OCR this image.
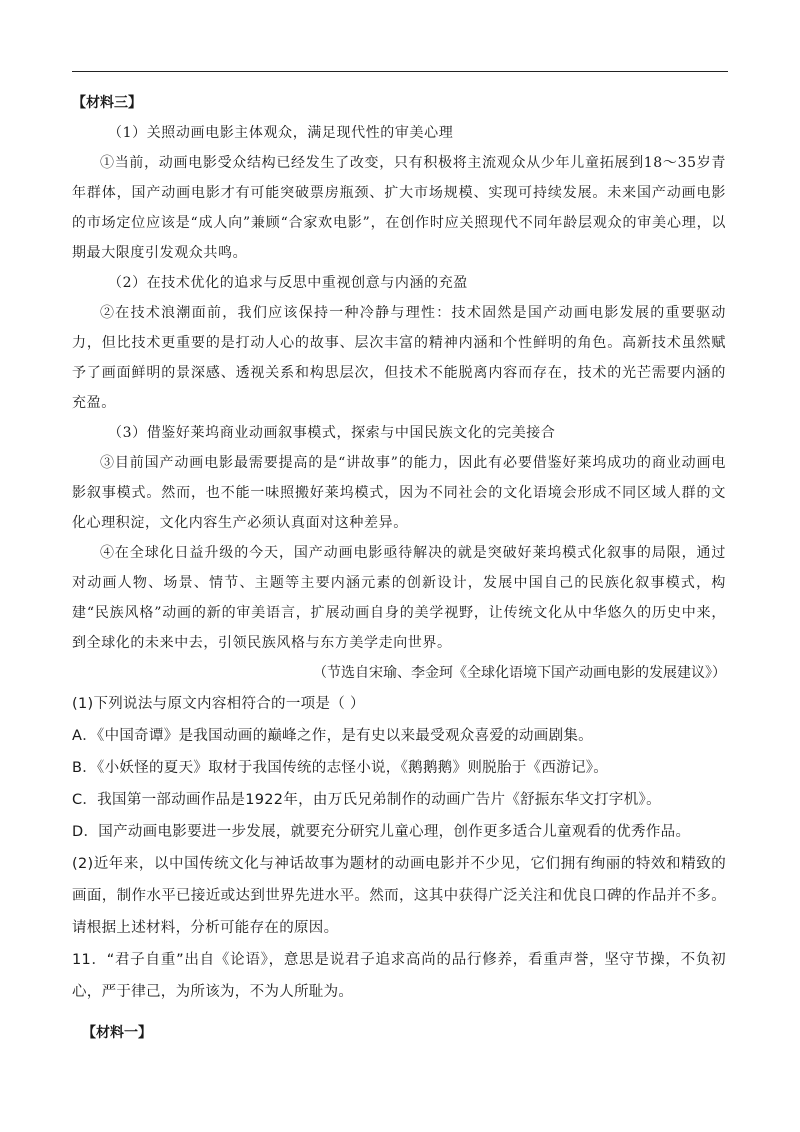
【材料三】

（1）关照动画电影主体观众，满足现代性的审美心理

①当前，动画电影受众结构已经发生了改变，只有积极将主流观众从少年儿童拓展到18～35岁青年群体，国产动画电影才有可能突破票房瓶颈、扩大市场规模、实现可持续发展。未来国产动画电影的市场定位应该是“成人向”兼顾“合家欢电影”，在创作时应关照现代不同年龄层观众的审美心理，以期最大限度引发观众共鸣。

（2）在技术优化的追求与反思中重视创意与内涵的充盈

②在技术浪潮面前，我们应该保持一种冷静与理性：技术固然是国产动画电影发展的重要驱动力，但比技术更重要的是打动人心的故事、层次丰富的精神内涵和个性鲜明的角色。高新技术虽然赋予了画面鲜明的景深感、透视关系和构思层次，但技术不能脱离内容而存在，技术的光芒需要内涵的充盈。

（3）借鉴好莱坞商业动画叙事模式，探索与中国民族文化的完美接合

③目前国产动画电影最需要提高的是“讲故事”的能力，因此有必要借鉴好莱坞成功的商业动画电影叙事模式。然而，也不能一味照搬好莱坞模式，因为不同社会的文化语境会形成不同区域人群的文化心理积淀，文化内容生产必须认真面对这种差异。

④在全球化日益升级的今天，国产动画电影亟待解决的就是突破好莱坞模式化叙事的局限，通过对动画人物、场景、情节、主题等主要内涵元素的创新设计，发展中国自己的民族化叙事模式，构建“民族风格”动画的新的审美语言，扩展动画自身的美学视野，让传统文化从中华悠久的历史中来，到全球化的未来中去，引领民族风格与东方美学走向世界。

（节选自宋瑜、李金珂《全球化语境下国产动画电影的发展建议》）

(1)下列说法与原文内容相符合的一项是（ ）

A．《中国奇谭》是我国动画的巅峰之作，是有史以来最受观众喜爱的动画剧集。

B．《小妖怪的夏天》取材于我国传统的志怪小说，《鹅鹅鹅》则脱胎于《西游记》。

C．我国第一部动画作品是1922年，由万氏兄弟制作的动画广告片《舒振东华文打字机》。

D．国产动画电影要进一步发展，就要充分研究儿童心理，创作更多适合儿童观看的优秀作品。

(2)近年来，以中国传统文化与神话故事为题材的动画电影并不少见，它们拥有绚丽的特效和精致的画面，制作水平已接近或达到世界先进水平。然而，这其中获得广泛关注和优良口碑的作品并不多。请根据上述材料，分析可能存在的原因。

11．“君子自重”出自《论语》，意思是说君子追求高尚的品行修养，看重声誉，坚守节操，不负初心，严于律己，为所该为，不为人所耻为。

【材料一】
